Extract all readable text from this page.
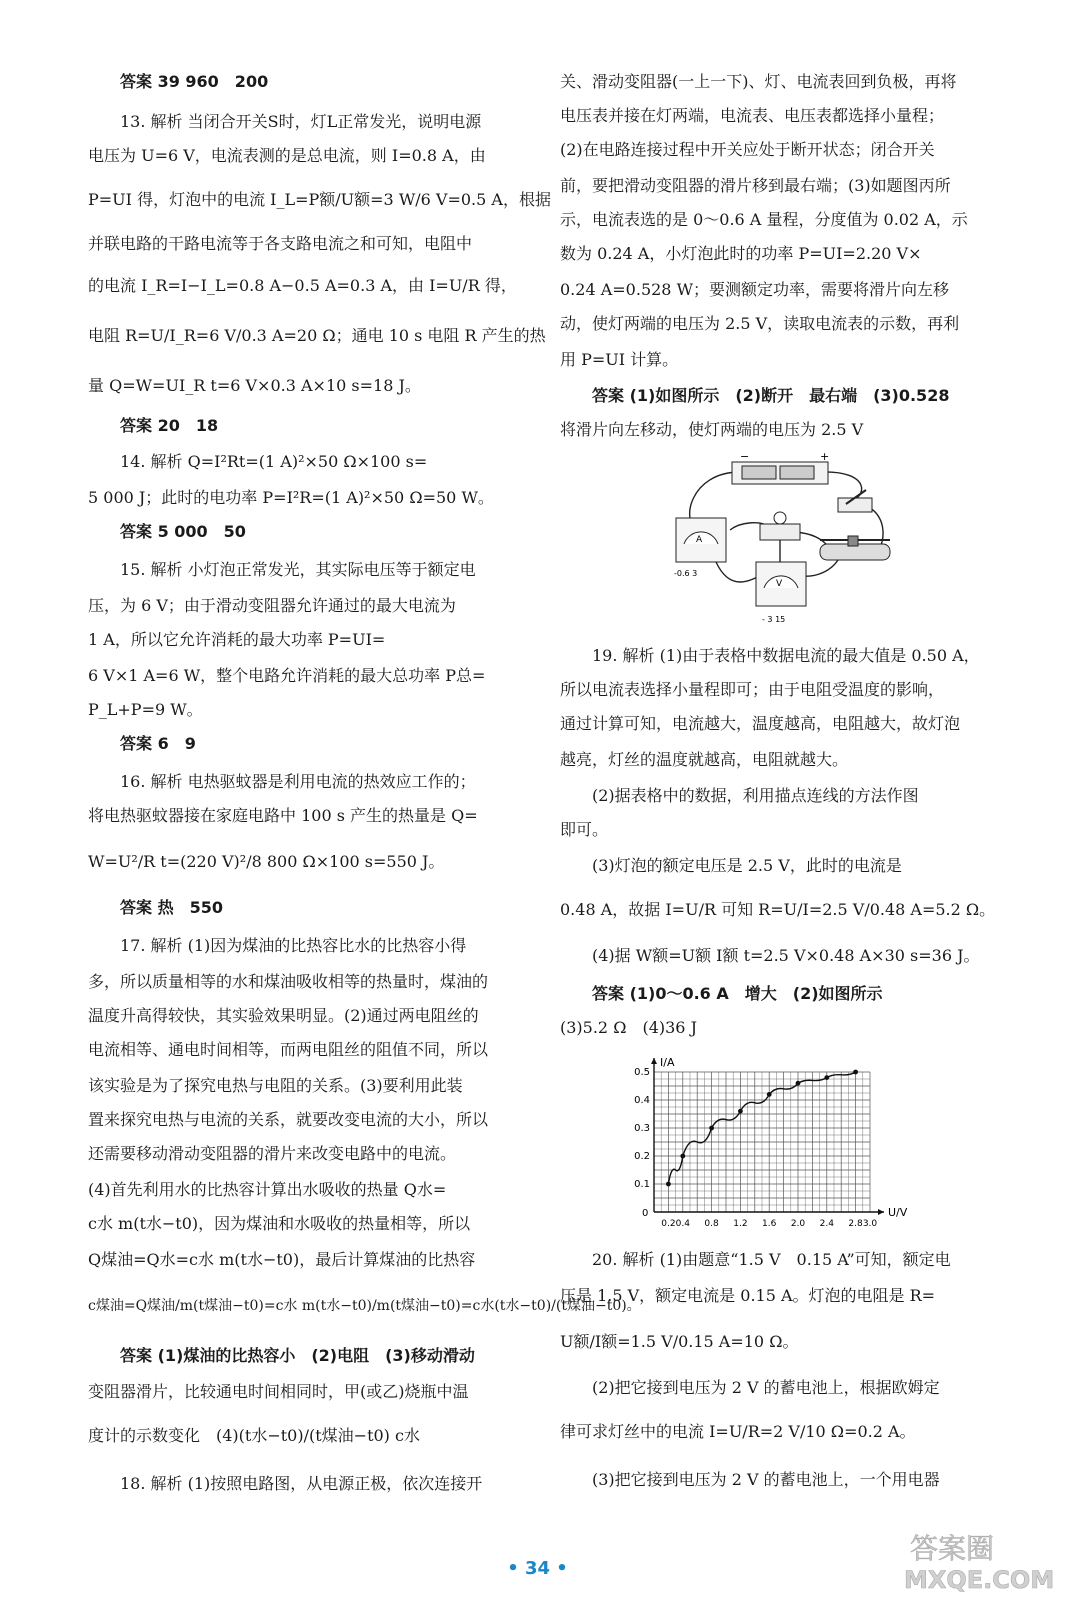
答案 39 960　200
13. 解析 当闭合开关S时，灯L正常发光，说明电源
电压为 U=6 V，电流表测的是总电流，则 I=0.8 A，由
P=UI 得，灯泡中的电流 I_L=P额/U额=3 W/6 V=0.5 A，根据
并联电路的干路电流等于各支路电流之和可知，电阻中
的电流 I_R=I−I_L=0.8 A−0.5 A=0.3 A，由 I=U/R 得，
电阻 R=U/I_R=6 V/0.3 A=20 Ω；通电 10 s 电阻 R 产生的热
量 Q=W=UI_R t=6 V×0.3 A×10 s=18 J。
答案 20　18
14. 解析 Q=I²Rt=(1 A)²×50 Ω×100 s=
5 000 J；此时的电功率 P=I²R=(1 A)²×50 Ω=50 W。
答案 5 000　50
15. 解析 小灯泡正常发光，其实际电压等于额定电
压，为 6 V；由于滑动变阻器允许通过的最大电流为
1 A，所以它允许消耗的最大功率 P=UI=
6 V×1 A=6 W，整个电路允许消耗的最大总功率 P总=
P_L+P=9 W。
答案 6　9
16. 解析 电热驱蚊器是利用电流的热效应工作的；
将电热驱蚊器接在家庭电路中 100 s 产生的热量是 Q=
W=U²/R t=(220 V)²/8 800 Ω×100 s=550 J。
答案 热　550
17. 解析 (1)因为煤油的比热容比水的比热容小得
多，所以质量相等的水和煤油吸收相等的热量时，煤油的
温度升高得较快，其实验效果明显。(2)通过两电阻丝的
电流相等、通电时间相等，而两电阻丝的阻值不同，所以
该实验是为了探究电热与电阻的关系。(3)要利用此装
置来探究电热与电流的关系，就要改变电流的大小，所以
还需要移动滑动变阻器的滑片来改变电路中的电流。
(4)首先利用水的比热容计算出水吸收的热量 Q水=
c水 m(t水−t0)，因为煤油和水吸收的热量相等，所以
Q煤油=Q水=c水 m(t水−t0)，最后计算煤油的比热容
c煤油=Q煤油/m(t煤油−t0)=c水 m(t水−t0)/m(t煤油−t0)=c水(t水−t0)/(t煤油−t0)。
答案 (1)煤油的比热容小　(2)电阻　(3)移动滑动
变阻器滑片，比较通电时间相同时，甲(或乙)烧瓶中温
度计的示数变化　(4)(t水−t0)/(t煤油−t0) c水
18. 解析 (1)按照电路图，从电源正极，依次连接开
关、滑动变阻器(一上一下)、灯、电流表回到负极，再将
电压表并接在灯两端，电流表、电压表都选择小量程；
(2)在电路连接过程中开关应处于断开状态；闭合开关
前，要把滑动变阻器的滑片移到最右端；(3)如题图丙所
示，电流表选的是 0～0.6 A 量程，分度值为 0.02 A，示
数为 0.24 A，小灯泡此时的功率 P=UI=2.20 V×
0.24 A=0.528 W；要测额定功率，需要将滑片向左移
动，使灯两端的电压为 2.5 V，读取电流表的示数，再利
用 P=UI 计算。
答案 (1)如图所示　(2)断开　最右端　(3)0.528
将滑片向左移动，使灯两端的电压为 2.5 V
−	+
A
-0.6 3
V
- 3 15
19. 解析 (1)由于表格中数据电流的最大值是 0.50 A，
所以电流表选择小量程即可；由于电阻受温度的影响，
通过计算可知，电流越大，温度越高，电阻越大，故灯泡
越亮，灯丝的温度就越高，电阻就越大。
(2)据表格中的数据，利用描点连线的方法作图
即可。
(3)灯泡的额定电压是 2.5 V，此时的电流是
0.48 A，故据 I=U/R 可知 R=U/I=2.5 V/0.48 A=5.2 Ω。
(4)据 W额=U额 I额 t=2.5 V×0.48 A×30 s=36 J。
答案 (1)0～0.6 A　增大　(2)如图所示
(3)5.2 Ω　(4)36 J
U/V
I/A
0
0.2 0.4 0.8 1.2 1.6 2.0 2.4 2.8 3.0
0.1
0.2
0.3
0.4
0.5
20. 解析 (1)由题意“1.5 V　0.15 A”可知，额定电
压是 1.5 V，额定电流是 0.15 A。灯泡的电阻是 R=
U额/I额=1.5 V/0.15 A=10 Ω。
(2)把它接到电压为 2 V 的蓄电池上，根据欧姆定
律可求灯丝中的电流 I=U/R=2 V/10 Ω=0.2 A。
(3)把它接到电压为 2 V 的蓄电池上，一个用电器
• 34 •
答案圈
MXQE.COM
